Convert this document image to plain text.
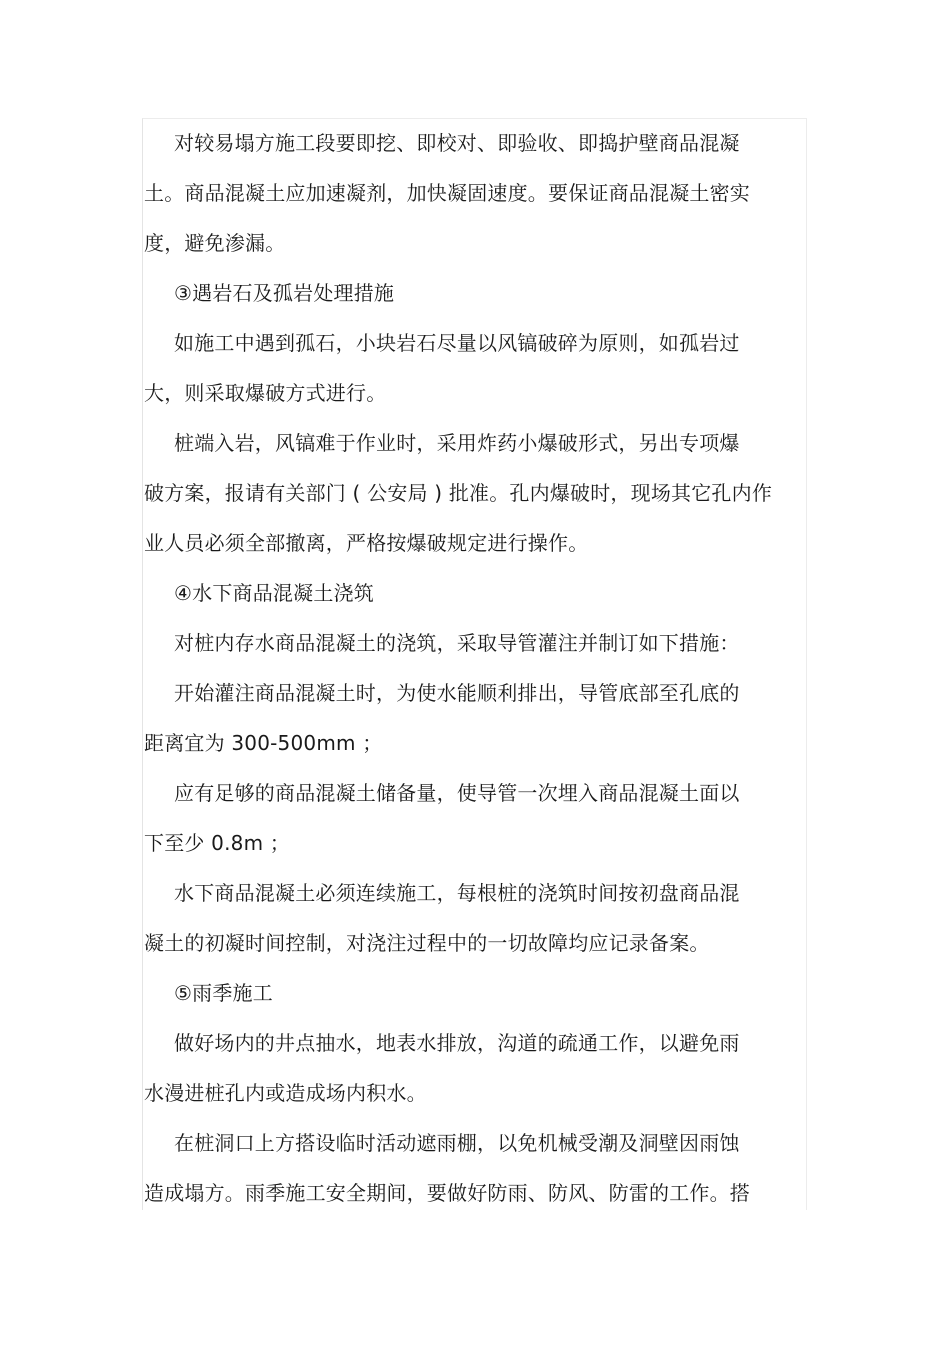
对较易塌方施工段要即挖、即校对、即验收、即捣护壁商品混凝
土。商品混凝土应加速凝剂，加快凝固速度。要保证商品混凝土密实
度，避免渗漏。
③遇岩石及孤岩处理措施
如施工中遇到孤石，小块岩石尽量以风镐破碎为原则，如孤岩过
大，则采取爆破方式进行。
桩端入岩，风镐难于作业时，采用炸药小爆破形式，另出专项爆
破方案，报请有关部门 ( 公安局 ) 批准。孔内爆破时，现场其它孔内作
业人员必须全部撤离，严格按爆破规定进行操作。
④水下商品混凝土浇筑
对桩内存水商品混凝土的浇筑，采取导管灌注并制订如下措施：
开始灌注商品混凝土时，为使水能顺利排出，导管底部至孔底的
距离宜为 300-500mm ；
应有足够的商品混凝土储备量，使导管一次埋入商品混凝土面以
下至少 0.8m ；
水下商品混凝土必须连续施工，每根桩的浇筑时间按初盘商品混
凝土的初凝时间控制，对浇注过程中的一切故障均应记录备案。
⑤雨季施工
做好场内的井点抽水，地表水排放，沟道的疏通工作，以避免雨
水漫进桩孔内或造成场内积水。
在桩洞口上方搭设临时活动遮雨棚，以免机械受潮及洞壁因雨蚀
造成塌方。雨季施工安全期间，要做好防雨、防风、防雷的工作。搭
